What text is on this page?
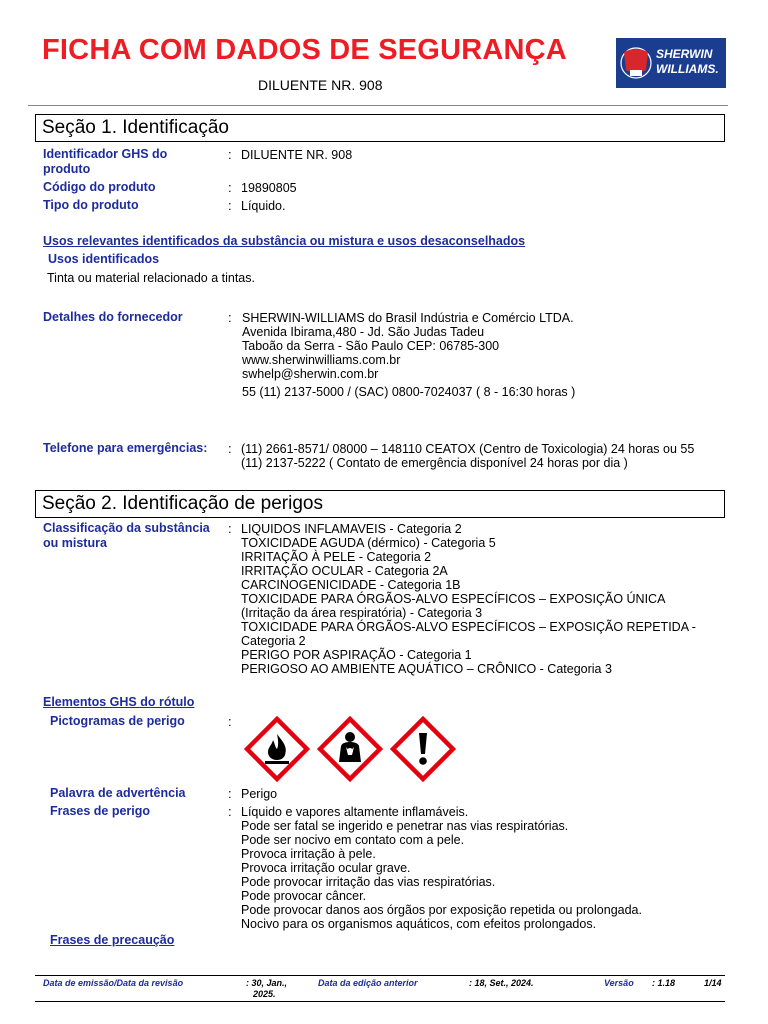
FICHA COM DADOS DE SEGURANÇA
DILUENTE NR. 908
SHERWIN
WILLIAMS.
Seção 1. Identificação
Identificador GHS do produto
: DILUENTE NR. 908
Código do produto	: 19890805
Tipo do produto	: Líquido.
Usos relevantes identificados da substância ou mistura e usos desaconselhados
Usos identificados
Tinta ou material relacionado a tintas.
Detalhes do fornecedor	: SHERWIN-WILLIAMS do Brasil Indústria e Comércio LTDA.
Avenida Ibirama,480 - Jd. São Judas Tadeu
Taboão da Serra - São Paulo CEP: 06785-300
www.sherwinwilliams.com.br
swhelp@sherwin.com.br
55 (11) 2137-5000 / (SAC) 0800-7024037 ( 8 - 16:30 horas )
Telefone para emergências: : (11) 2661-8571/ 08000 – 148110 CEATOX (Centro de Toxicologia) 24 horas ou 55
(11) 2137-5222 ( Contato de emergência disponível 24 horas por dia )
Seção 2. Identificação de perigos
Classificação da substância ou mistura
: LIQUIDOS INFLAMAVEIS - Categoria 2
TOXICIDADE AGUDA (dérmico) - Categoria 5
IRRITAÇÃO À PELE - Categoria 2
IRRITAÇÃO OCULAR - Categoria 2A
CARCINOGENICIDADE - Categoria 1B
TOXICIDADE PARA ÓRGÃOS-ALVO ESPECÍFICOS – EXPOSIÇÃO ÚNICA
(Irritação da área respiratória) - Categoria 3
TOXICIDADE PARA ÓRGÃOS-ALVO ESPECÍFICOS – EXPOSIÇÃO REPETIDA -
Categoria 2
PERIGO POR ASPIRAÇÃO - Categoria 1
PERIGOSO AO AMBIENTE AQUÁTICO – CRÔNICO - Categoria 3
Elementos GHS do rótulo
Pictogramas de perigo	:
Palavra de advertência	: Perigo
Frases de perigo	: Líquido e vapores altamente inflamáveis.
Pode ser fatal se ingerido e penetrar nas vias respiratórias.
Pode ser nocivo em contato com a pele.
Provoca irritação à pele.
Provoca irritação ocular grave.
Pode provocar irritação das vias respiratórias.
Pode provocar câncer.
Pode provocar danos aos órgãos por exposição repetida ou prolongada.
Nocivo para os organismos aquáticos, com efeitos prolongados.
Frases de precaução
Data de emissão/Data da revisão	: 30, Jan.,
2025.
Data da edição anterior	: 18, Set., 2024.	Versão : 1.18	1/14
